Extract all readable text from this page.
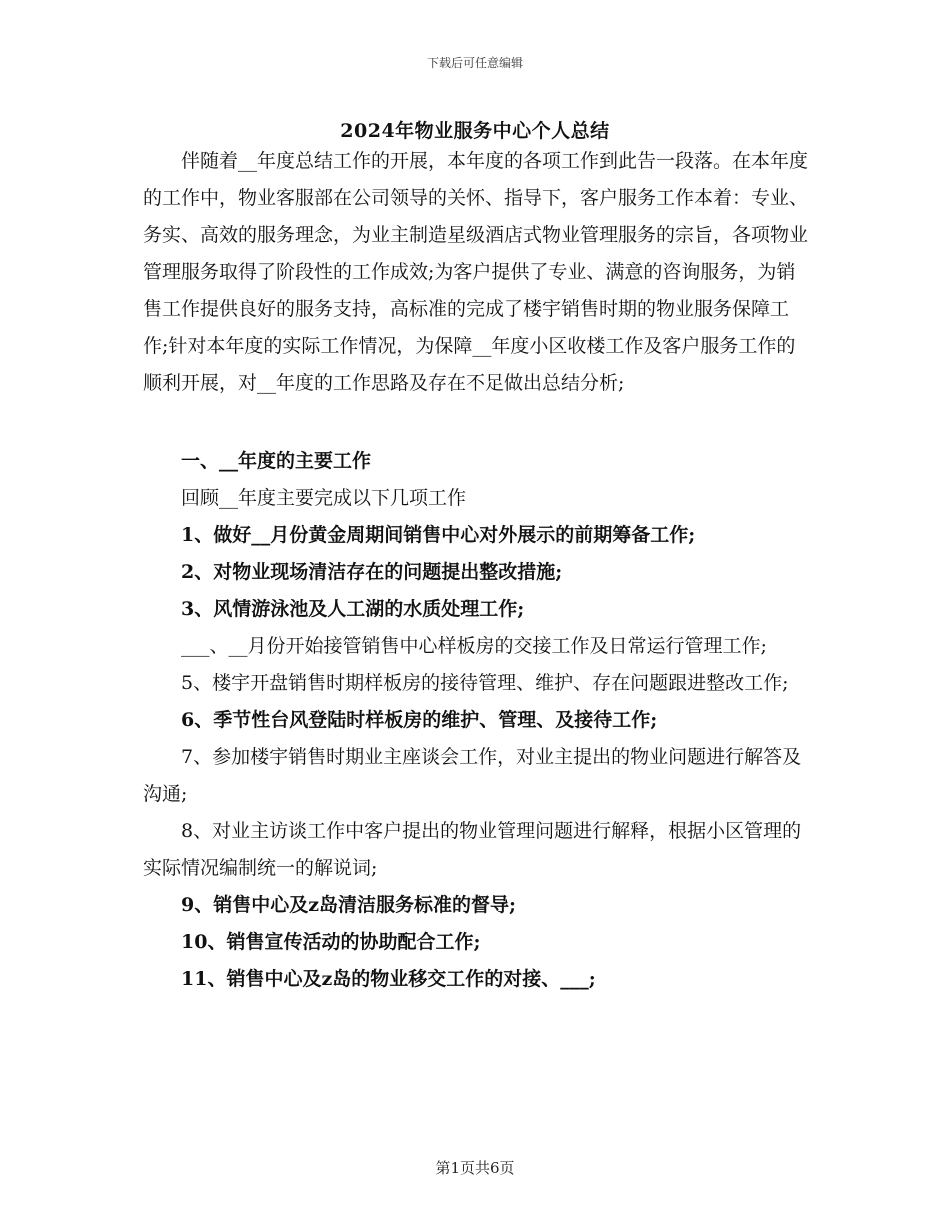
下载后可任意编辑
2024年物业服务中心个人总结

伴随着__年度总结工作的开展，本年度的各项工作到此告一段落。在本年度的工作中，物业客服部在公司领导的关怀、指导下，客户服务工作本着：专业、务实、高效的服务理念，为业主制造星级酒店式物业管理服务的宗旨，各项物业管理服务取得了阶段性的工作成效;为客户提供了专业、满意的咨询服务，为销售工作提供良好的服务支持，高标准的完成了楼宇销售时期的物业服务保障工作;针对本年度的实际工作情况，为保障__年度小区收楼工作及客户服务工作的顺利开展，对__年度的工作思路及存在不足做出总结分析;

一、__年度的主要工作

回顾__年度主要完成以下几项工作

1、做好__月份黄金周期间销售中心对外展示的前期筹备工作;

2、对物业现场清洁存在的问题提出整改措施;

3、风情游泳池及人工湖的水质处理工作;

___、__月份开始接管销售中心样板房的交接工作及日常运行管理工作;

5、楼宇开盘销售时期样板房的接待管理、维护、存在问题跟进整改工作;

6、季节性台风登陆时样板房的维护、管理、及接待工作;

7、参加楼宇销售时期业主座谈会工作，对业主提出的物业问题进行解答及沟通;

8、对业主访谈工作中客户提出的物业管理问题进行解释，根据小区管理的实际情况编制统一的解说词;

9、销售中心及z岛清洁服务标准的督导;

10、销售宣传活动的协助配合工作;

11、销售中心及z岛的物业移交工作的对接、___;

第1页共6页
